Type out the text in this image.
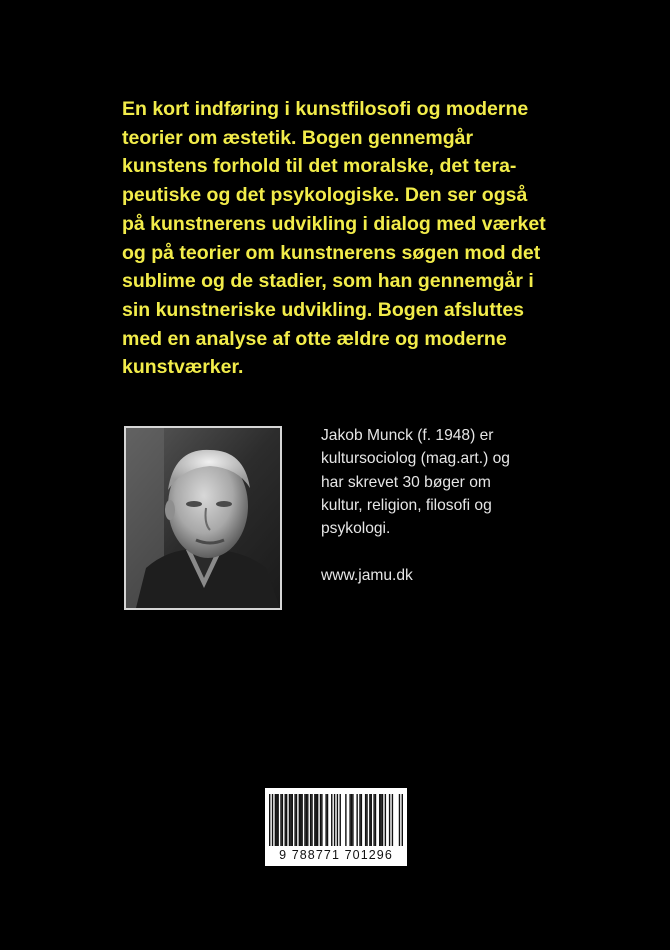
En kort indføring i kunstfilosofi og moderne
teorier om æstetik. Bogen gennemgår
kunstens forhold til det moralske, det tera-
peutiske og det psykologiske. Den ser også
på kunstnerens udvikling i dialog med værket
og på teorier om kunstnerens søgen mod det
sublime og de stadier, som han gennemgår i
sin kunstneriske udvikling. Bogen afsluttes
med en analyse af otte ældre og moderne
kunstværker.
Jakob Munck (f. 1948) er
kultursociolog (mag.art.) og
har skrevet 30 bøger om
kultur, religion, filosofi og
psykologi.
www.jamu.dk
9 788771 701296
